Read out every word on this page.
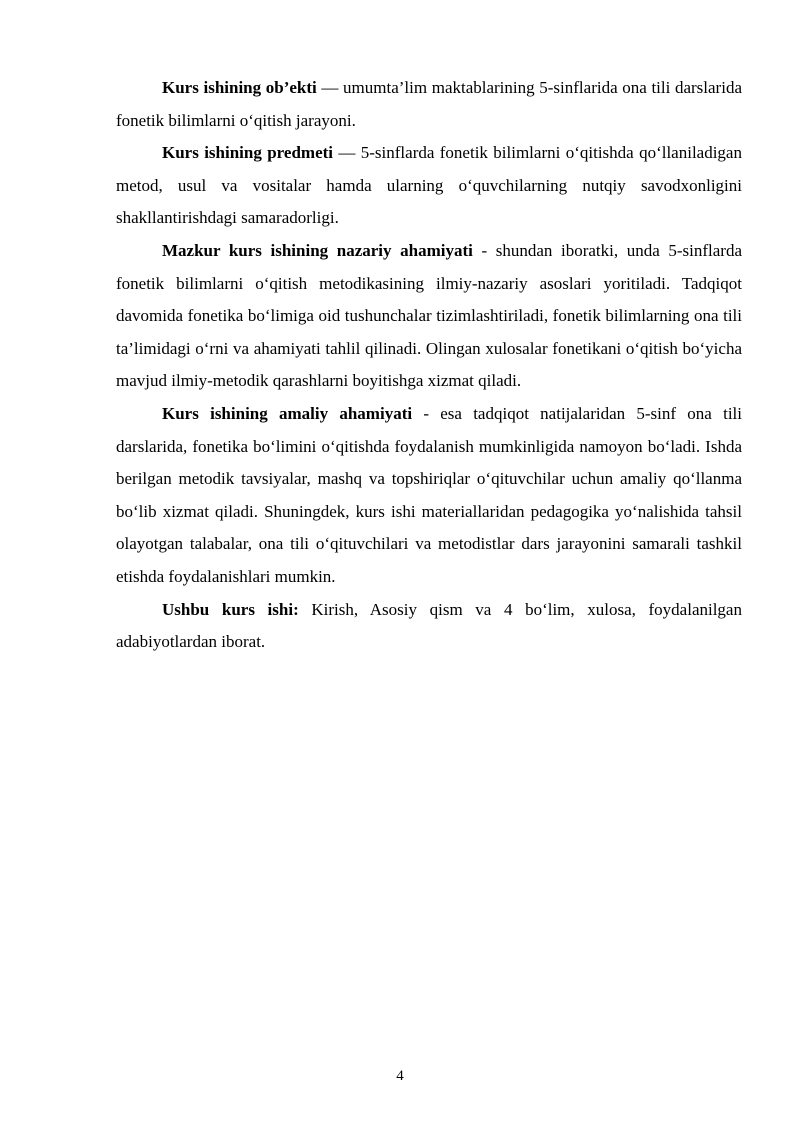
Kurs ishining ob’ekti — umumta’lim maktablarining 5-sinflarida ona tili darslarida fonetik bilimlarni o‘qitish jarayoni.

Kurs ishining predmeti — 5-sinflarda fonetik bilimlarni o‘qitishda qo‘llaniladigan metod, usul va vositalar hamda ularning o‘quvchilarning nutqiy savodxonligini shakllantirishdagi samaradorligi.

Mazkur kurs ishining nazariy ahamiyati - shundan iboratki, unda 5-sinflarda fonetik bilimlarni o‘qitish metodikasining ilmiy-nazariy asoslari yoritiladi. Tadqiqot davomida fonetika bo‘limiga oid tushunchalar tizimlashtiriladi, fonetik bilimlarning ona tili ta’limidagi o‘rni va ahamiyati tahlil qilinadi. Olingan xulosalar fonetikani o‘qitish bo‘yicha mavjud ilmiy-metodik qarashlarni boyitishga xizmat qiladi.

Kurs ishining amaliy ahamiyati - esa tadqiqot natijalaridan 5-sinf ona tili darslarida, fonetika bo‘limini o‘qitishda foydalanish mumkinligida namoyon bo‘ladi. Ishda berilgan metodik tavsiyalar, mashq va topshiriqlar o‘qituvchilar uchun amaliy qo‘llanma bo‘lib xizmat qiladi. Shuningdek, kurs ishi materiallaridan pedagogika yo‘nalishida tahsil olayotgan talabalar, ona tili o‘qituvchilari va metodistlar dars jarayonini samarali tashkil etishda foydalanishlari mumkin.

Ushbu kurs ishi: Kirish, Asosiy qism va 4 bo‘lim, xulosa, foydalanilgan adabiyotlardan iborat.

4
